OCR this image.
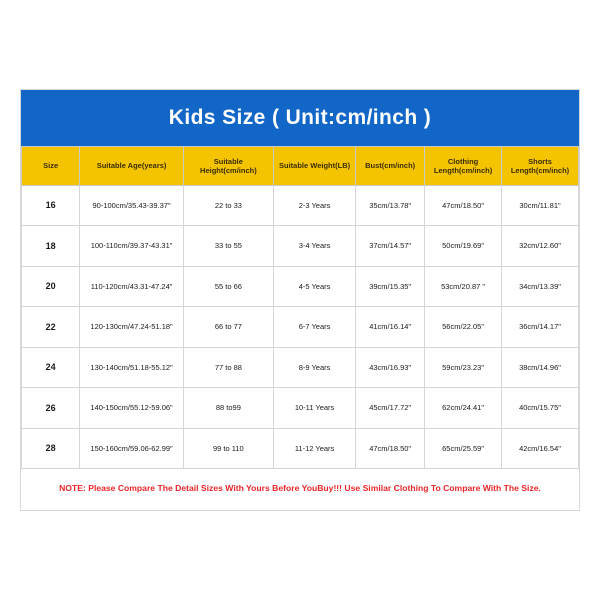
Kids Size ( Unit:cm/inch )
Size	Suitable Age(years)	Suitable Height(cm/inch)	Suitable Weight(LB)	Bust(cm/inch)	Clothing Length(cm/inch)	Shorts Length(cm/inch)
16	90-100cm/35.43-39.37"	22 to 33	2-3 Years	35cm/13.78"	47cm/18.50"	30cm/11.81"
18	100-110cm/39.37-43.31"	33 to 55	3-4 Years	37cm/14.57"	50cm/19.69"	32cm/12.60"
20	110-120cm/43.31-47.24"	55 to 66	4-5 Years	39cm/15.35"	53cm/20.87 "	34cm/13.39"
22	120-130cm/47.24-51.18"	66 to 77	6-7 Years	41cm/16.14"	56cm/22.05"	36cm/14.17"
24	130-140cm/51.18-55.12"	77 to 88	8-9 Years	43cm/16.93"	59cm/23.23"	38cm/14.96"
26	140-150cm/55.12-59.06"	88 to99	10-11 Years	45cm/17.72"	62cm/24.41"	40cm/15.75"
28	150-160cm/59.06-62.99"	99 to 110	11-12 Years	47cm/18.50"	65cm/25.59"	42cm/16.54"
NOTE: Please Compare The Detail Sizes With Yours Before YouBuy!!! Use Similar Clothing To Compare With The Size.
